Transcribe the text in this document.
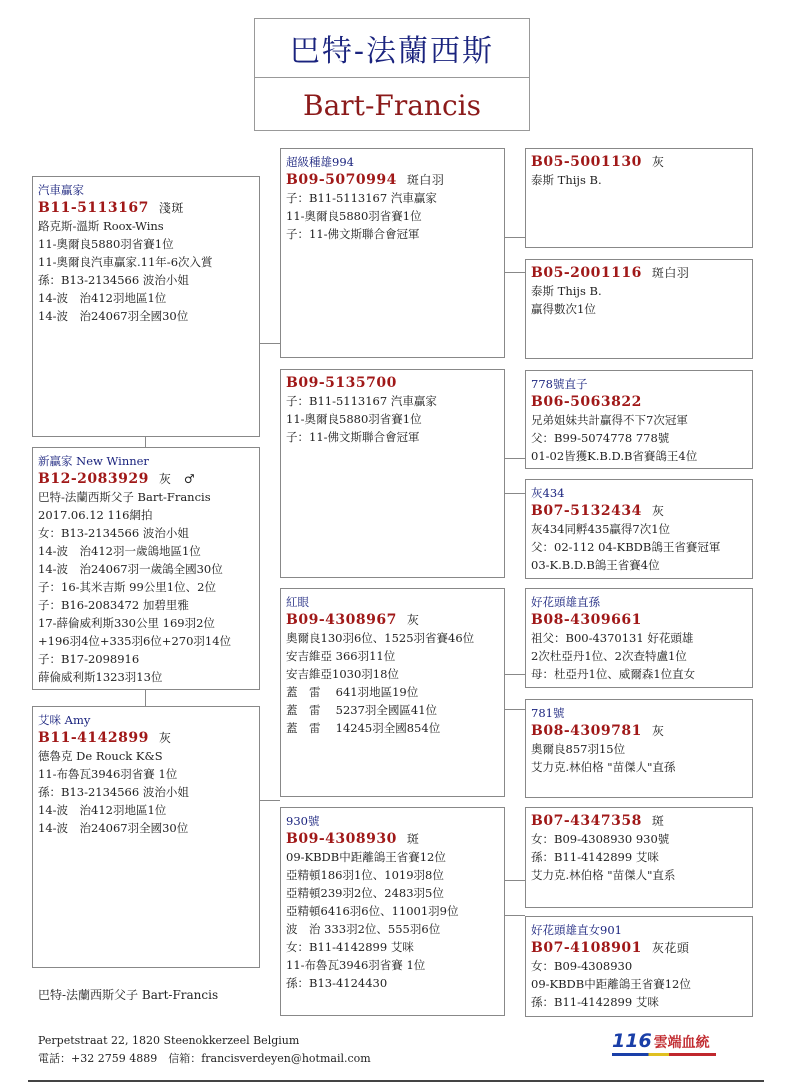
巴特-法蘭西斯
Bart-Francis
汽車贏家
B11-5113167 淺斑
路克斯-溫斯 Roox-Wins
11-奧爾良5880羽省賽1位
11-奧爾良汽車贏家.11年-6次入賞
孫：B13-2134566 波治小姐
14-波　治412羽地區1位
14-波　治24067羽全國30位
新贏家 New Winner
B12-2083929 灰　♂
巴特-法蘭西斯父子 Bart-Francis
2017.06.12 116網拍
女：B13-2134566 波治小姐
14-波　治412羽一歲鴿地區1位
14-波　治24067羽一歲鴿全國30位
子：16-其米吉斯 99公里1位、2位
子：B16-2083472 加碧里雅
17-薛倫威利斯330公里 169羽2位
+196羽4位+335羽6位+270羽14位
子：B17-2098916
薛倫威利斯1323羽13位
艾咪 Amy
B11-4142899 灰
德魯克 De Rouck K&S
11-布魯瓦3946羽省賽 1位
孫：B13-2134566 波治小姐
14-波　治412羽地區1位
14-波　治24067羽全國30位
超級種雄994
B09-5070994 斑白羽
子：B11-5113167 汽車贏家
11-奧爾良5880羽省賽1位
子：11-佛文斯聯合會冠軍
B09-5135700
子：B11-5113167 汽車贏家
11-奧爾良5880羽省賽1位
子：11-佛文斯聯合會冠軍
紅眼
B09-4308967 灰
奧爾良130羽6位、1525羽省賽46位
安吉維亞 366羽11位
安吉維亞1030羽18位
蓋　雷　 641羽地區19位
蓋　雷　 5237羽全國區41位
蓋　雷　 14245羽全國854位
930號
B09-4308930 斑
09-KBDB中距離鴿王省賽12位
亞精頓186羽1位、1019羽8位
亞精頓239羽2位、2483羽5位
亞精頓6416羽6位、11001羽9位
波　治 333羽2位、555羽6位
女：B11-4142899 艾咪
11-布魯瓦3946羽省賽 1位
孫：B13-4124430
B05-5001130 灰
泰斯 Thijs B.
B05-2001116 斑白羽
泰斯 Thijs B.
贏得數次1位
778號直子
B06-5063822
兄弟姐妹共計贏得不下7次冠軍
父：B99-5074778 778號
01-02皆獲K.B.D.B省賽鴿王4位
灰434
B07-5132434 灰
灰434同孵435贏得7次1位
父：02-112 04-KBDB鴿王省賽冠軍
03-K.B.D.B鴿王省賽4位
好花頭雄直孫
B08-4309661
祖父：B00-4370131 好花頭雄
2次杜亞丹1位、2次查特盧1位
母：杜亞丹1位、威爾森1位直女
781號
B08-4309781 灰
奧爾良857羽15位
艾力克.林伯格 "苗傑人"直孫
B07-4347358 斑
女：B09-4308930 930號
孫：B11-4142899 艾咪
艾力克.林伯格 "苗傑人"直系
好花頭雄直女901
B07-4108901 灰花頭
女：B09-4308930
09-KBDB中距離鴿王省賽12位
孫：B11-4142899 艾咪
巴特-法蘭西斯父子 Bart-Francis
Perpetstraat 22, 1820 Steenokkerzeel Belgium
電話：+32 2759 4889　信箱：francisverdeyen@hotmail.com
116 雲端血統
